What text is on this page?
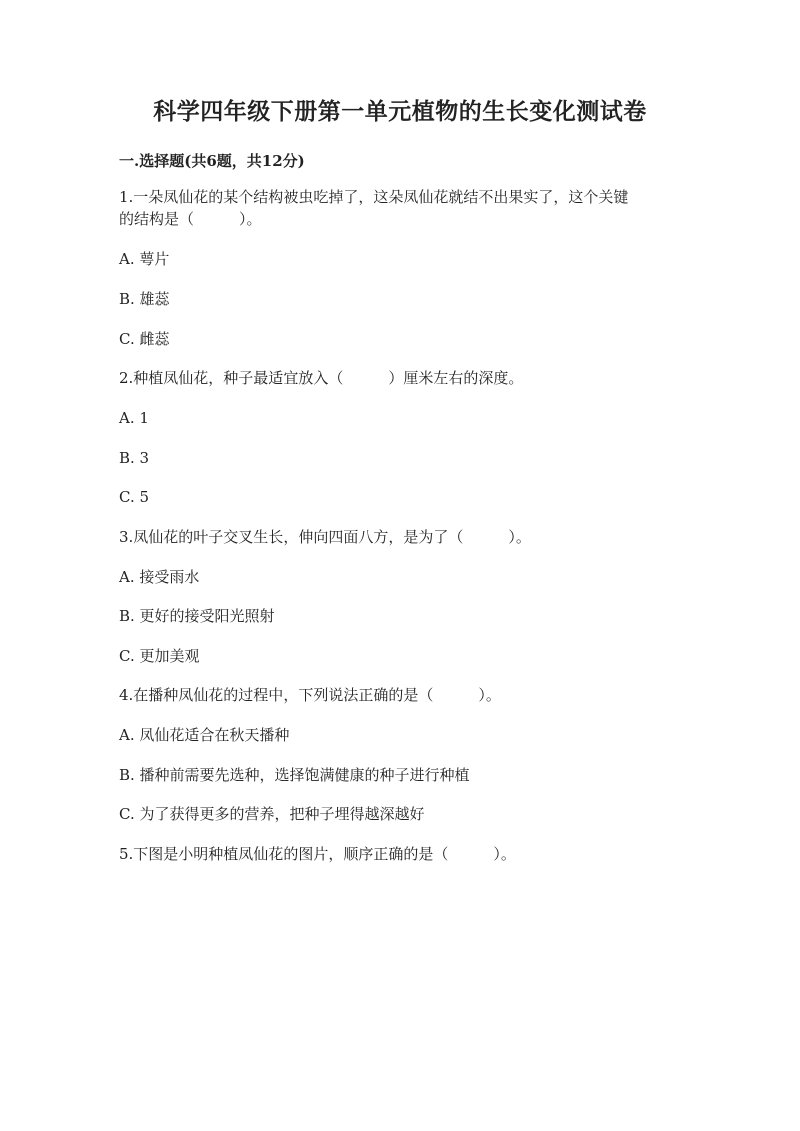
科学四年级下册第一单元植物的生长变化测试卷
一.选择题(共6题，共12分)
1.一朵凤仙花的某个结构被虫吃掉了，这朵凤仙花就结不出果实了，这个关键
的结构是（　　　）。
A. 萼片
B. 雄蕊
C. 雌蕊
2.种植凤仙花，种子最适宜放入（　　　）厘米左右的深度。
A. 1
B. 3
C. 5
3.凤仙花的叶子交叉生长，伸向四面八方，是为了（　　　）。
A. 接受雨水
B. 更好的接受阳光照射
C. 更加美观
4.在播种凤仙花的过程中，下列说法正确的是（　　　）。
A. 凤仙花适合在秋天播种
B. 播种前需要先选种，选择饱满健康的种子进行种植
C. 为了获得更多的营养，把种子埋得越深越好
5.下图是小明种植凤仙花的图片，顺序正确的是（　　　）。
